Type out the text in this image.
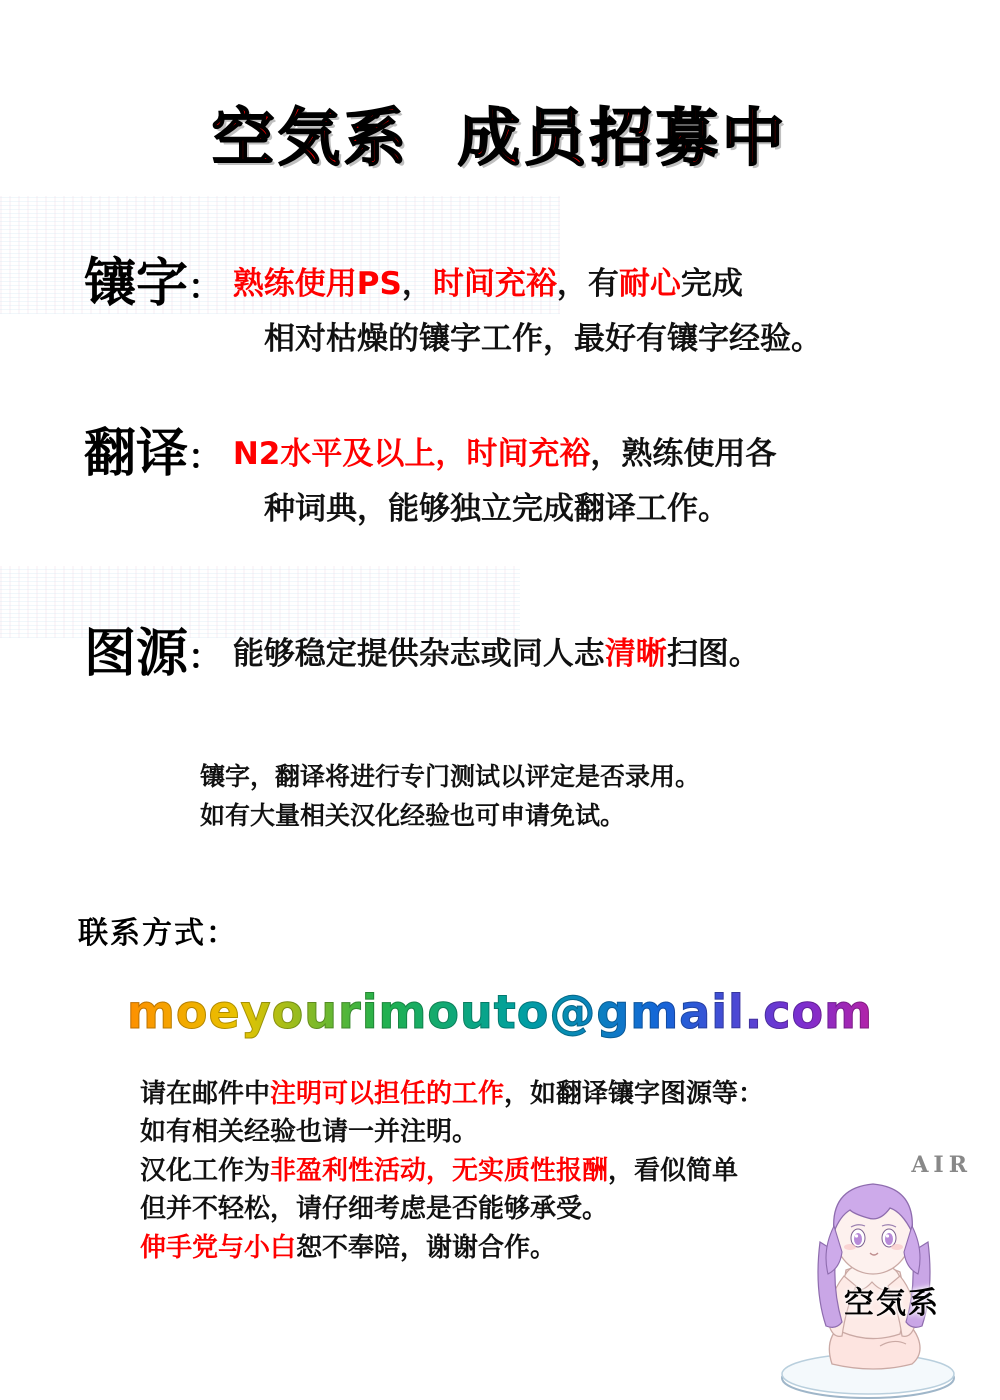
空気系 成员招募中
镶字： 熟练使用PS，时间充裕，有耐心完成
相对枯燥的镶字工作，最好有镶字经验。
翻译： N2水平及以上，时间充裕，熟练使用各
种词典，能够独立完成翻译工作。
图源： 能够稳定提供杂志或同人志清晰扫图。
镶字，翻译将进行专门测试以评定是否录用。
如有大量相关汉化经验也可申请免试。
联系方式：
moeyourimouto@gmail.com
请在邮件中注明可以担任的工作，如翻译镶字图源等：
如有相关经验也请一并注明。
汉化工作为非盈利性活动，无实质性报酬，看似简单
但并不轻松，请仔细考虑是否能够承受。
伸手党与小白恕不奉陪，谢谢合作。
AIR
空気系
